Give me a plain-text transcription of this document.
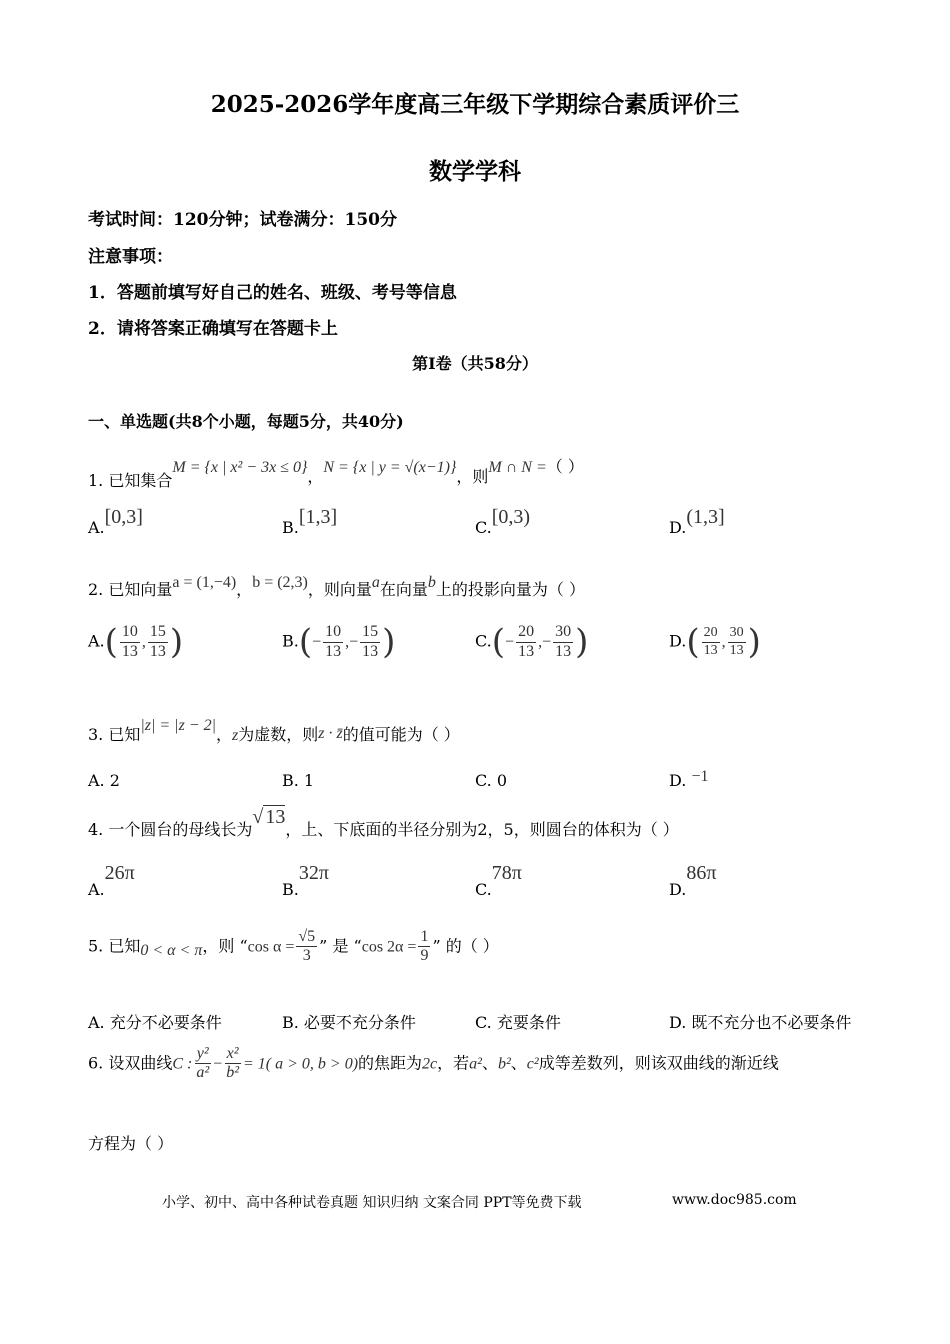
2025-2026学年度高三年级下学期综合素质评价三
数学学科
考试时间：120分钟；试卷满分：150分
注意事项：
1．答题前填写好自己的姓名、班级、考号等信息
2．请将答案正确填写在答题卡上
第I卷（共58分）
一、单选题(共8个小题，每题5分，共40分)
1. 已知集合M = {x | x² − 3x ≤ 0}，N = {x | y = √(x−1)}，则M ∩ N =（ ）
A.[0,3]	B.[1,3]	C.[0,3)	D.(1,3]
2. 已知向量a = (1,−4)，b = (2,3)，则向量a在向量b上的投影向量为（ ）
$A.( \frac{10}{13}$ , $\frac{15}{13}$ )	$B.(- \frac{10}{13}$ ,− $\frac{15}{13}$ )	$C.(- \frac{20}{13}$ ,− $\frac{30}{13}$ )	$D.( \frac{20}{13}$ , $\frac{30}{13}$ )
3. 已知|z| = |z − 2|，z为虚数，则z · z̄的值可能为（ ）
A. 2	B. 1	C. 0	D. −1
4. 一个圆台的母线长为√ 13，上、下底面的半径分别为2，5，则圆台的体积为（ ）
A.26π
B.32π
C.78π
D.86π
5. 已知0 < α < π，则 “cos $\alpha = \frac{√5}{3}$ ” 是 “cos $2\alpha = \frac{1}{9}$ ” 的（ ）
A. 充分不必要条件	B. 必要不充分条件	C. 充要条件	D. 既不充分也不必要条件
6. 设双曲线C : $\frac{\text{y²}}{\text{a²}} - \frac{\text{x²}}{\text{b²}} = 1$( a > 0, b > 0)的焦距为2c，若a²、b²、c²成等差数列，则该双曲线的渐近线
方程为（ ）
小学、初中、高中各种试卷真题 知识归纳 文案合同 PPT等免费下载	www.doc985.com
